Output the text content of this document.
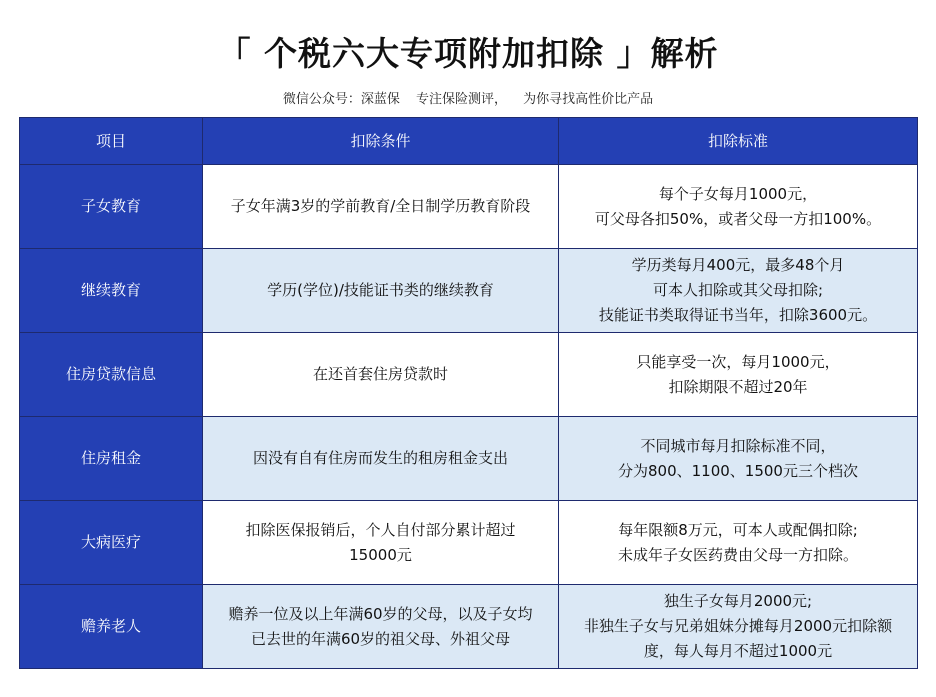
「 个税六大专项附加扣除 」解析
微信公众号：深蓝保 专注保险测评， 为你寻找高性价比产品
项目	扣除条件	扣除标准
子女教育	子女年满3岁的学前教育/全日制学历教育阶段	每个子女每月1000元，
可父母各扣50%，或者父母一方扣100%。

继续教育	学历(学位)/技能证书类的继续教育	学历类每月400元，最多48个月
可本人扣除或其父母扣除;
技能证书类取得证书当年，扣除3600元。

住房贷款信息	在还首套住房贷款时	只能享受一次，每月1000元，
扣除期限不超过20年

住房租金	因没有自有住房而发生的租房租金支出	不同城市每月扣除标准不同，
分为800、1100、1500元三个档次

大病医疗	扣除医保报销后，个人自付部分累计超过
15000元	每年限额8万元，可本人或配偶扣除;
未成年子女医药费由父母一方扣除。

赡养老人	赡养一位及以上年满60岁的父母，以及子女均
已去世的年满60岁的祖父母、外祖父母	独生子女每月2000元;
非独生子女与兄弟姐妹分摊每月2000元扣除额
度，每人每月不超过1000元
